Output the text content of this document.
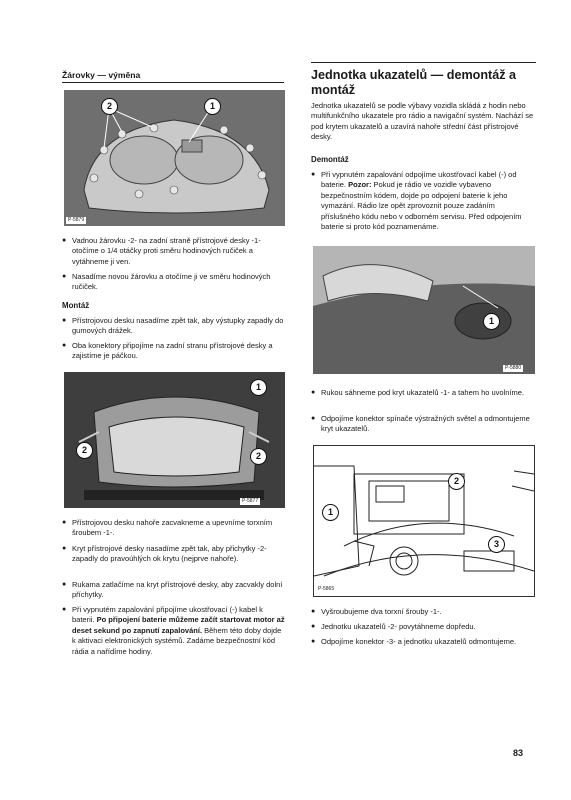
Žárovky — výměna
2	1
P-5879
● Vadnou žárovku -2- na zadní straně přístrojové desky -1- otočíme o 1/4 otáčky proti směru hodinových ručiček a vytáhneme ji ven.
● Nasadíme novou žárovku a otočíme ji ve směru hodinových ručiček.
Montáž
● Přístrojovou desku nasadíme zpět tak, aby výstupky zapadly do gumových drážek.
● Oba konektory připojíme na zadní stranu přístrojové desky a zajistíme je páčkou.
1
2
2
P-5877
● Přístrojovou desku nahoře zacvakneme a upevníme torxním šroubem -1-.
● Kryt přístrojové desky nasadíme zpět tak, aby přichytky -2- zapadly do pravoúhlých ok krytu (nejprve nahoře).
● Rukama zatlačíme na kryt přístrojové desky, aby zacvakly dolní příchytky.
● Při vypnutém zapalování připojíme ukostřovací (-) kabel k baterii. Po připojení baterie můžeme začít startovat motor až deset sekund po zapnutí zapalování. Během této doby dojde k aktivaci elektronických systémů. Zadáme bezpečnostní kód rádia a nařídíme hodiny.
Jednotka ukazatelů — demontáž a montáž
Jednotka ukazatelů se podle výbavy vozidla skládá z hodin nebo multifunkčního ukazatele pro rádio a navigační systém. Nachází se pod krytem ukazatelů a uzavírá nahoře střední část přístrojové desky.
Demontáž
● Při vypnutém zapalování odpojíme ukostřovací kabel (-) od baterie. Pozor: Pokud je rádio ve vozidle vybaveno bezpečnostním kódem, dojde po odpojení baterie k jeho vymazání. Rádio lze opět zprovoznit pouze zadáním příslušného kódu nebo v odborném servisu. Před odpojením baterie si proto kód poznamenáme.
1
P-5880
● Rukou sáhneme pod kryt ukazatelů -1- a tahem ho uvolníme.
● Odpojíme konektor spínače výstražných světel a odmontujeme kryt ukazatelů.
2
1
3
P-5865
● Vyšroubujeme dva torxní šrouby -1-.
● Jednotku ukazatelů -2- povytáhneme dopředu.
● Odpojíme konektor -3- a jednotku ukazatelů odmontujeme.
83
